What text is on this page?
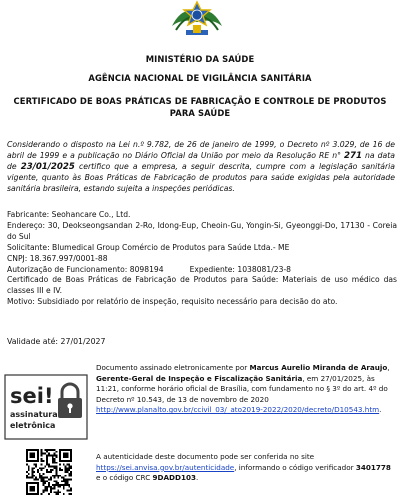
MINISTÉRIO DA SAÚDE
AGÊNCIA NACIONAL DE VIGILÂNCIA SANITÁRIA
CERTIFICADO DE BOAS PRÁTICAS DE FABRICAÇÃO E CONTROLE DE PRODUTOS PARA SAÚDE

Considerando o disposto na Lei n.º 9.782, de 26 de janeiro de 1999, o Decreto nº 3.029, de 16 de abril de 1999 e a publicação no Diário Oficial da União por meio da Resolução RE n° 271 na data de 23/01/2025 certifico que a empresa, a seguir descrita, cumpre com a legislação sanitária vigente, quanto às Boas Práticas de Fabricação de produtos para saúde exigidas pela autoridade sanitária brasileira, estando sujeita a inspeções periódicas.

Fabricante: Seohancare Co., Ltd.
Endereço: 30, Deokseongsandan 2-Ro, Idong-Eup, Cheoin-Gu, Yongin-Si, Gyeonggi-Do, 17130 - Coreia do Sul
Solicitante: Blumedical Group Comércio de Produtos para Saúde Ltda.- ME
CNPJ: 18.367.997/0001-88
Autorização de Funcionamento: 8098194	Expediente: 1038081/23-8
Certificado de Boas Práticas de Fabricação de Produtos para Saúde: Materiais de uso médico das classes III e IV.
Motivo: Subsidiado por relatório de inspeção, requisito necessário para decisão do ato.
Validade até: 27/01/2027
sei!
assinatura
eletrônica

Documento assinado eletronicamente por Marcus Aurelio Miranda de Araujo, Gerente-Geral de Inspeção e Fiscalização Sanitária, em 27/01/2025, às 11:21, conforme horário oficial de Brasília, com fundamento no § 3º do art. 4º do Decreto nº 10.543, de 13 de novembro de 2020 http://www.planalto.gov.br/ccivil_03/_ato2019-2022/2020/decreto/D10543.htm.

A autenticidade deste documento pode ser conferida no site https://sei.anvisa.gov.br/autenticidade, informando o código verificador 3401778 e o código CRC 9DADD103.
